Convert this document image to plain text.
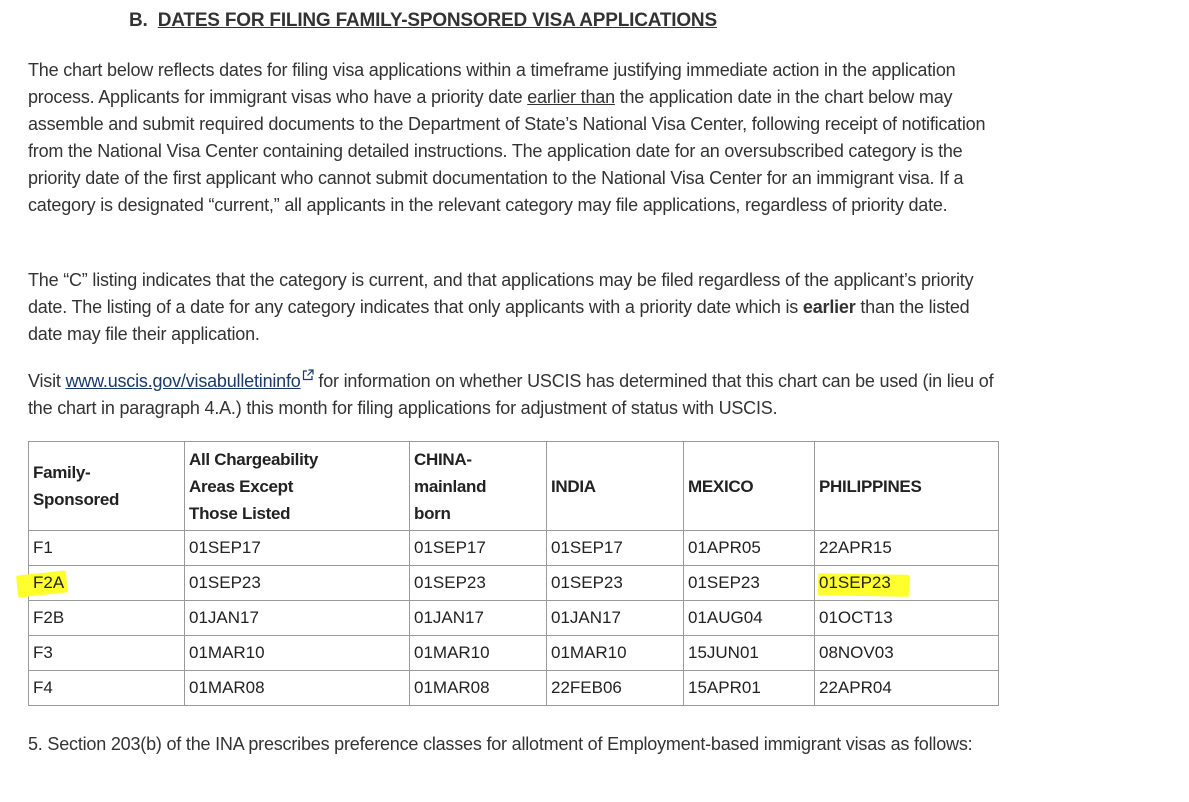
B. DATES FOR FILING FAMILY-SPONSORED VISA APPLICATIONS

The chart below reflects dates for filing visa applications within a timeframe justifying immediate action in the application process. Applicants for immigrant visas who have a priority date earlier than the application date in the chart below may assemble and submit required documents to the Department of State’s National Visa Center, following receipt of notification from the National Visa Center containing detailed instructions. The application date for an oversubscribed category is the priority date of the first applicant who cannot submit documentation to the National Visa Center for an immigrant visa. If a category is designated “current,” all applicants in the relevant category may file applications, regardless of priority date.

The “C” listing indicates that the category is current, and that applications may be filed regardless of the applicant’s priority date. The listing of a date for any category indicates that only applicants with a priority date which is earlier than the listed date may file their application.

Visit www.uscis.gov/visabulletininfo for information on whether USCIS has determined that this chart can be used (in lieu of the chart in paragraph 4.A.) this month for filing applications for adjustment of status with USCIS.

Family-
Sponsored	All Chargeability
Areas Except
Those Listed	CHINA-
mainland
born	INDIA	MEXICO	PHILIPPINES
F1	01SEP17	01SEP17	01SEP17	01APR05	22APR15

F2A	01SEP23	01SEP23	01SEP23	01SEP23	01SEP23
F2B	01JAN17	01JAN17	01JAN17	01AUG04	01OCT13
F3	01MAR10	01MAR10	01MAR10	15JUN01	08NOV03
F4	01MAR08	01MAR08	22FEB06	15APR01	22APR04
5. Section 203(b) of the INA prescribes preference classes for allotment of Employment-based immigrant visas as follows:
